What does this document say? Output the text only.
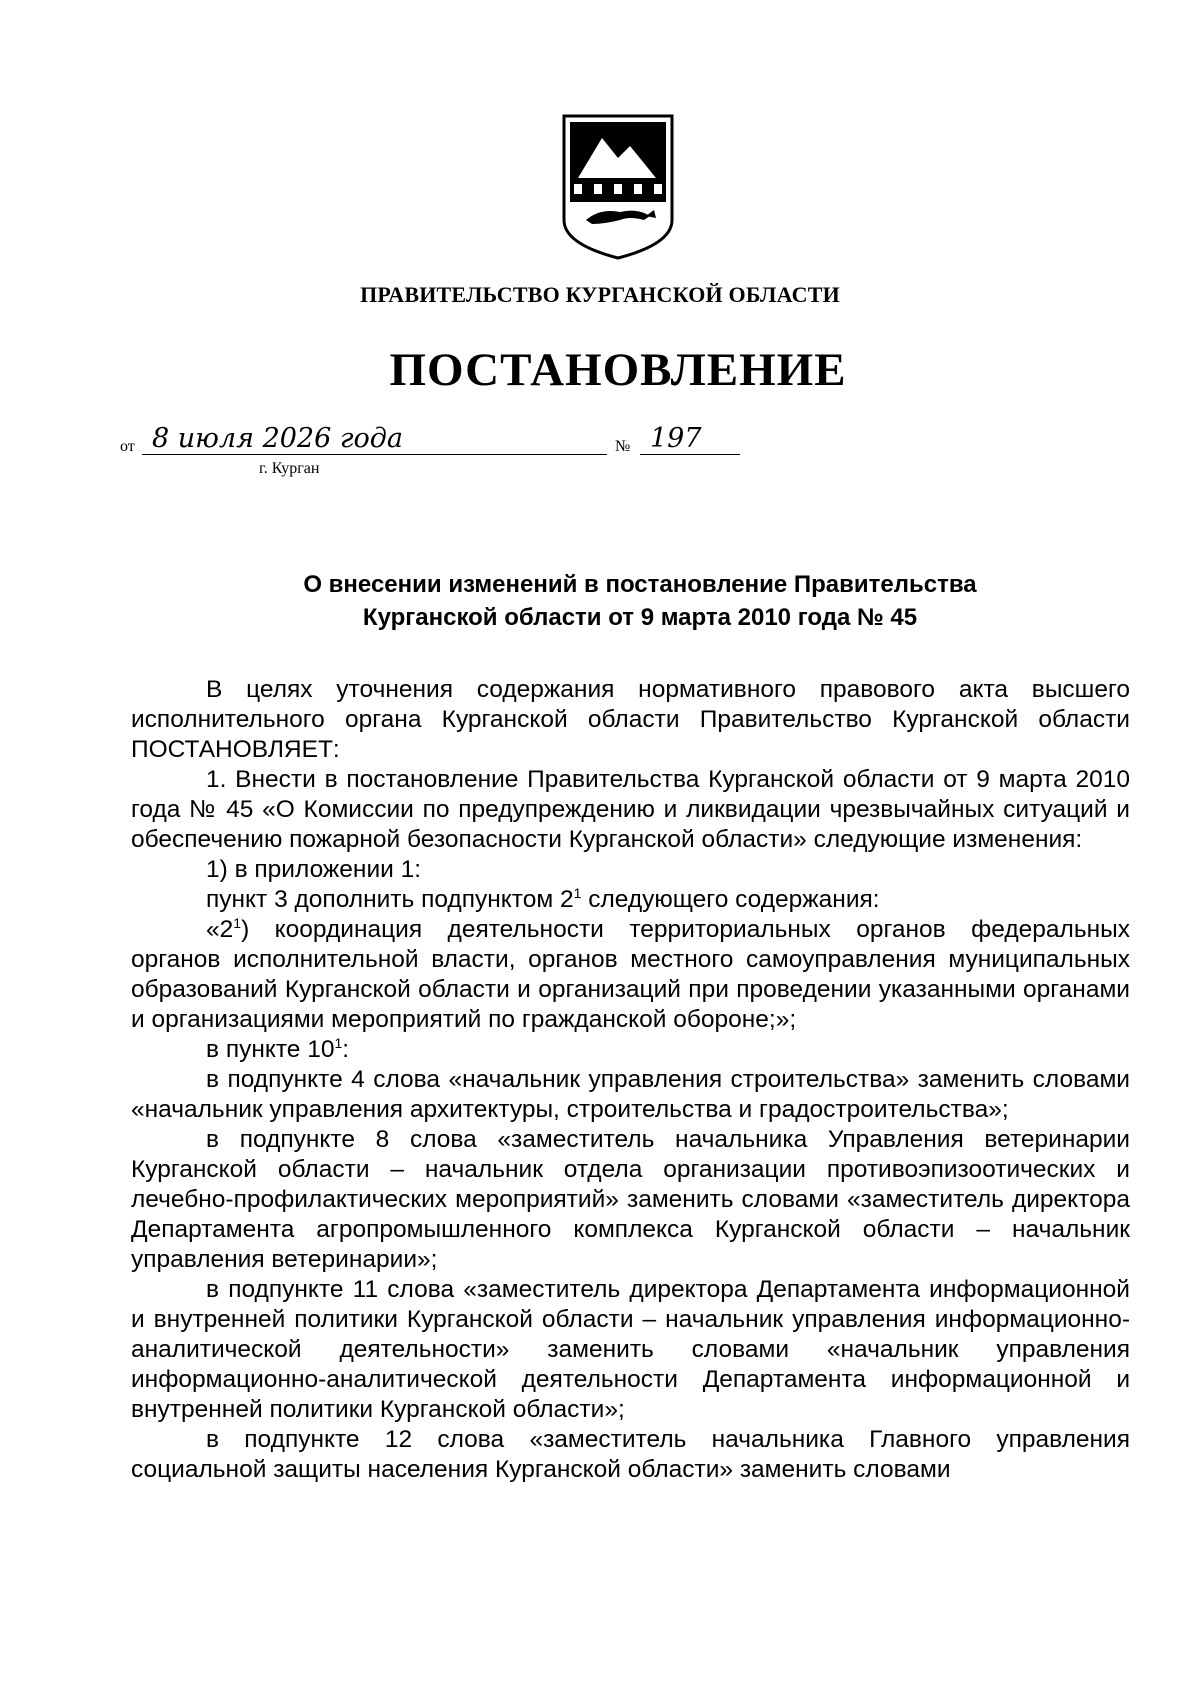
ПРАВИТЕЛЬСТВО КУРГАНСКОЙ ОБЛАСТИ
ПОСТАНОВЛЕНИЕ
от 8 июля 2026 года	№ 197
г. Курган
О внесении изменений в постановление Правительства
Курганской области от 9 марта 2010 года № 45

В целях уточнения содержания нормативного правового акта высшего исполнительного органа Курганской области Правительство Курганской области ПОСТАНОВЛЯЕТ:

1. Внести в постановление Правительства Курганской области от 9 марта 2010 года № 45 «О Комиссии по предупреждению и ликвидации чрезвычайных ситуаций и обеспечению пожарной безопасности Курганской области» следующие изменения:

1) в приложении 1:

пункт 3 дополнить подпунктом $2^1$ следующего содержания:

«$2^1$) координация деятельности территориальных органов федеральных органов исполнительной власти, органов местного самоуправления муниципальных образований Курганской области и организаций при проведении указанными органами и организациями мероприятий по гражданской обороне;»;

в пункте $10^1$:

в подпункте 4 слова «начальник управления строительства» заменить словами «начальник управления архитектуры, строительства и градостроительства»;

в подпункте 8 слова «заместитель начальника Управления ветеринарии Курганской области – начальник отдела организации противоэпизоотических и лечебно-профилактических мероприятий» заменить словами «заместитель директора Департамента агропромышленного комплекса Курганской области – начальник управления ветеринарии»;

в подпункте 11 слова «заместитель директора Департамента информационной и внутренней политики Курганской области – начальник управления информационно-аналитической деятельности» заменить словами «начальник управления информационно-аналитической деятельности Департамента информационной и внутренней политики Курганской области»;

в подпункте 12 слова «заместитель начальника Главного управления социальной защиты населения Курганской области» заменить словами
